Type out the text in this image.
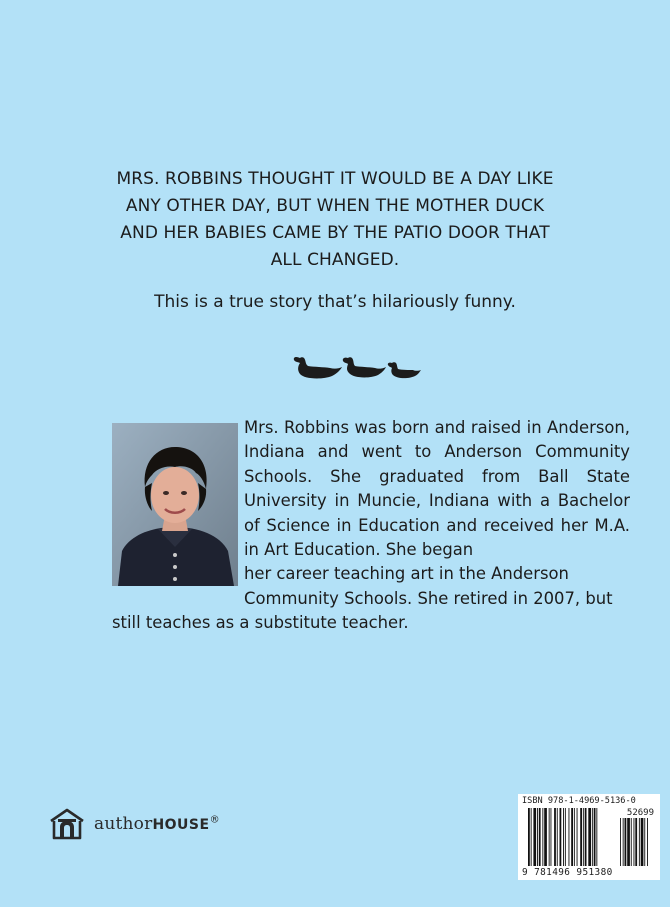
MRS. ROBBINS THOUGHT IT WOULD BE A DAY LIKE
ANY OTHER DAY, BUT WHEN THE MOTHER DUCK
AND HER BABIES CAME BY THE PATIO DOOR THAT
ALL CHANGED.
This is a true story that’s hilariously funny.
Mrs. Robbins was born and raised in Anderson, Indiana and went to Anderson Community Schools. She graduated from Ball State University in Muncie, Indiana with a Bachelor of Science in Education and received her M.A. in Art Education. She began
her career teaching art in the Anderson Community Schools. She retired in 2007, but still teaches as a substitute teacher.
authorHOUSE®
ISBN 978-1-4969-5136-0
52699
9 781496 951380
